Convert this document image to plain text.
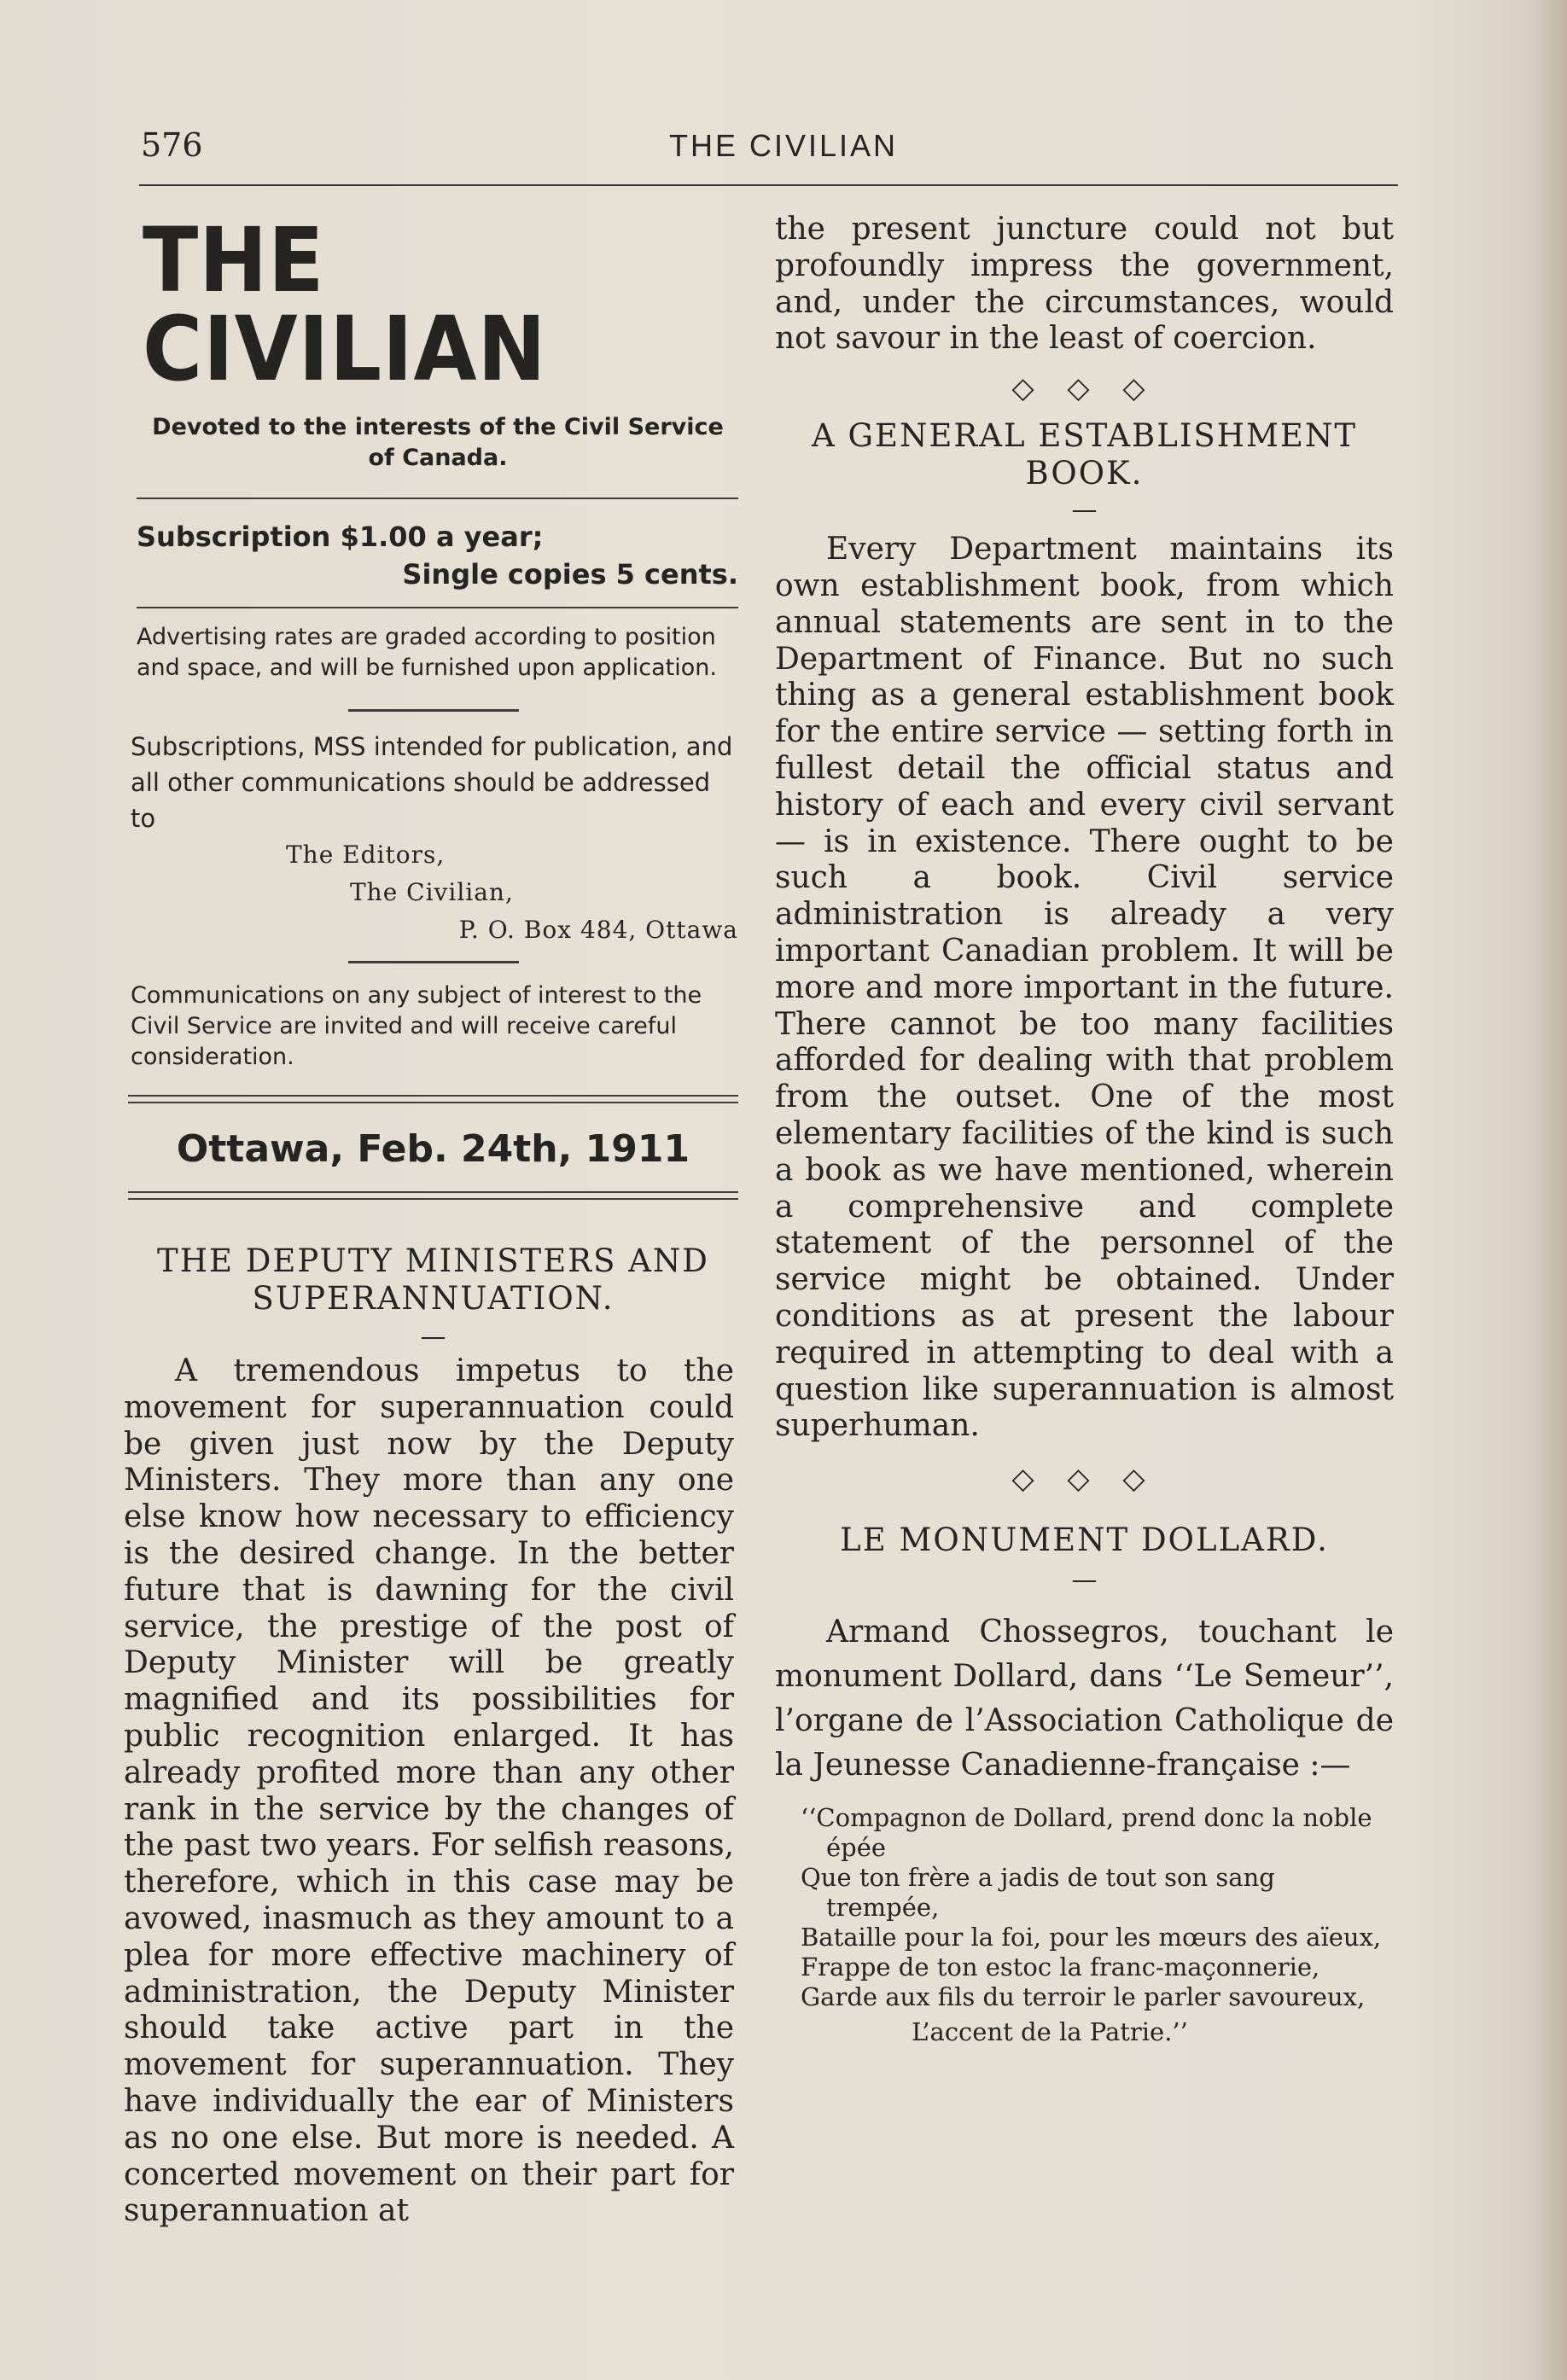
576	THE CIVILIAN
THE CIVILIAN
Devoted to the interests of the Civil Service of Canada.
Subscription $1.00 a year;
Single copies 5 cents.
Advertising rates are graded according to position and space, and will be furnished upon application.
Subscriptions, MSS intended for publication, and all other communications should be addressed to
The Editors,
The Civilian,
P. O. Box 484, Ottawa
Communications on any subject of interest to the Civil Service are invited and will receive careful consideration.
Ottawa, Feb. 24th, 1911
THE DEPUTY MINISTERS AND SUPERANNUATION.
—

A tremendous impetus to the movement for superannuation could be given just now by the Deputy Ministers. They more than any one else know how necessary to efficiency is the desired change. In the better future that is dawning for the civil service, the prestige of the post of Deputy Minister will be greatly magnified and its possibilities for public recognition enlarged. It has already profited more than any other rank in the service by the changes of the past two years. For selfish reasons, therefore, which in this case may be avowed, inasmuch as they amount to a plea for more effective machinery of administration, the Deputy Minister should take active part in the movement for superannuation. They have individually the ear of Ministers as no one else. But more is needed. A concerted movement on their part for superannuation at

the present juncture could not but profoundly impress the government, and, under the circumstances, would not savour in the least of coercion.

◇ ◇ ◇
A GENERAL ESTABLISHMENT BOOK.
—

Every Department maintains its own establishment book, from which annual statements are sent in to the Department of Finance. But no such thing as a general establishment book for the entire service — setting forth in fullest detail the official status and history of each and every civil servant — is in existence. There ought to be such a book. Civil service administration is already a very important Canadian problem. It will be more and more important in the future. There cannot be too many facilities afforded for dealing with that problem from the outset. One of the most elementary facilities of the kind is such a book as we have mentioned, wherein a comprehensive and complete statement of the personnel of the service might be obtained. Under conditions as at present the labour required in attempting to deal with a question like superannuation is almost superhuman.

◇ ◇ ◇
LE MONUMENT DOLLARD.
—

Armand Chossegros, touchant le monument Dollard, dans ‘‘Le Semeur’’, l’organe de l’Association Catholique de la Jeunesse Canadienne-française :—

‘‘Compagnon de Dollard, prend donc la noble épée
Que ton frère a jadis de tout son sang trempée,
Bataille pour la foi, pour les mœurs des aïeux,
Frappe de ton estoc la franc-maçonnerie,
Garde aux fils du terroir le parler savoureux,
L’accent de la Patrie.’’
